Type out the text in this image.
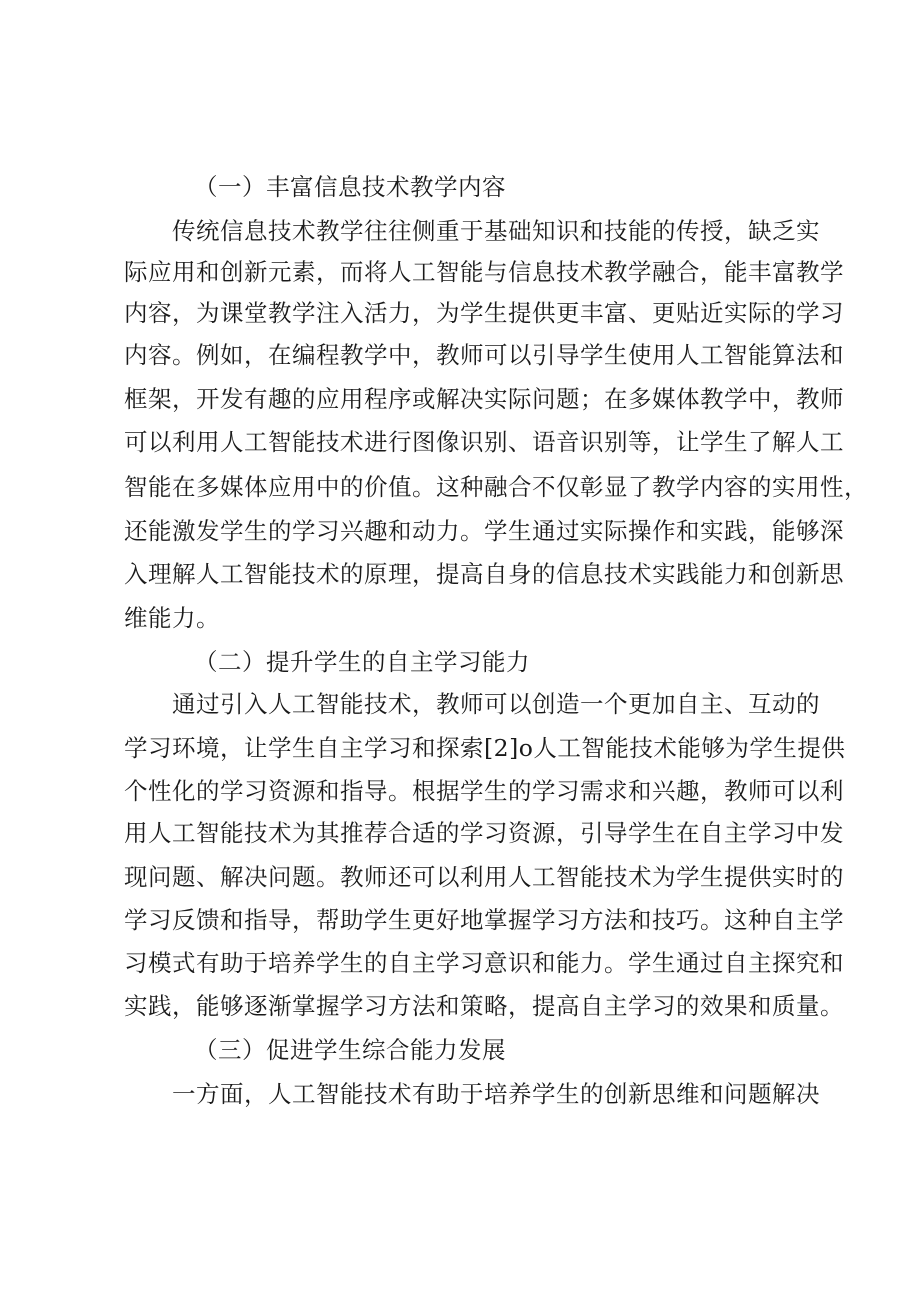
（一）丰富信息技术教学内容
传统信息技术教学往往侧重于基础知识和技能的传授，缺乏实
际应用和创新元素，而将人工智能与信息技术教学融合，能丰富教学
内容，为课堂教学注入活力，为学生提供更丰富、更贴近实际的学习
内容。例如，在编程教学中，教师可以引导学生使用人工智能算法和
框架，开发有趣的应用程序或解决实际问题；在多媒体教学中，教师
可以利用人工智能技术进行图像识别、语音识别等，让学生了解人工
智能在多媒体应用中的价值。这种融合不仅彰显了教学内容的实用性，
还能激发学生的学习兴趣和动力。学生通过实际操作和实践，能够深
入理解人工智能技术的原理，提高自身的信息技术实践能力和创新思
维能力。
（二）提升学生的自主学习能力
通过引入人工智能技术，教师可以创造一个更加自主、互动的
学习环境，让学生自主学习和探索[2]o人工智能技术能够为学生提供
个性化的学习资源和指导。根据学生的学习需求和兴趣，教师可以利
用人工智能技术为其推荐合适的学习资源，引导学生在自主学习中发
现问题、解决问题。教师还可以利用人工智能技术为学生提供实时的
学习反馈和指导，帮助学生更好地掌握学习方法和技巧。这种自主学
习模式有助于培养学生的自主学习意识和能力。学生通过自主探究和
实践，能够逐渐掌握学习方法和策略，提高自主学习的效果和质量。
（三）促进学生综合能力发展
一方面，人工智能技术有助于培养学生的创新思维和问题解决
